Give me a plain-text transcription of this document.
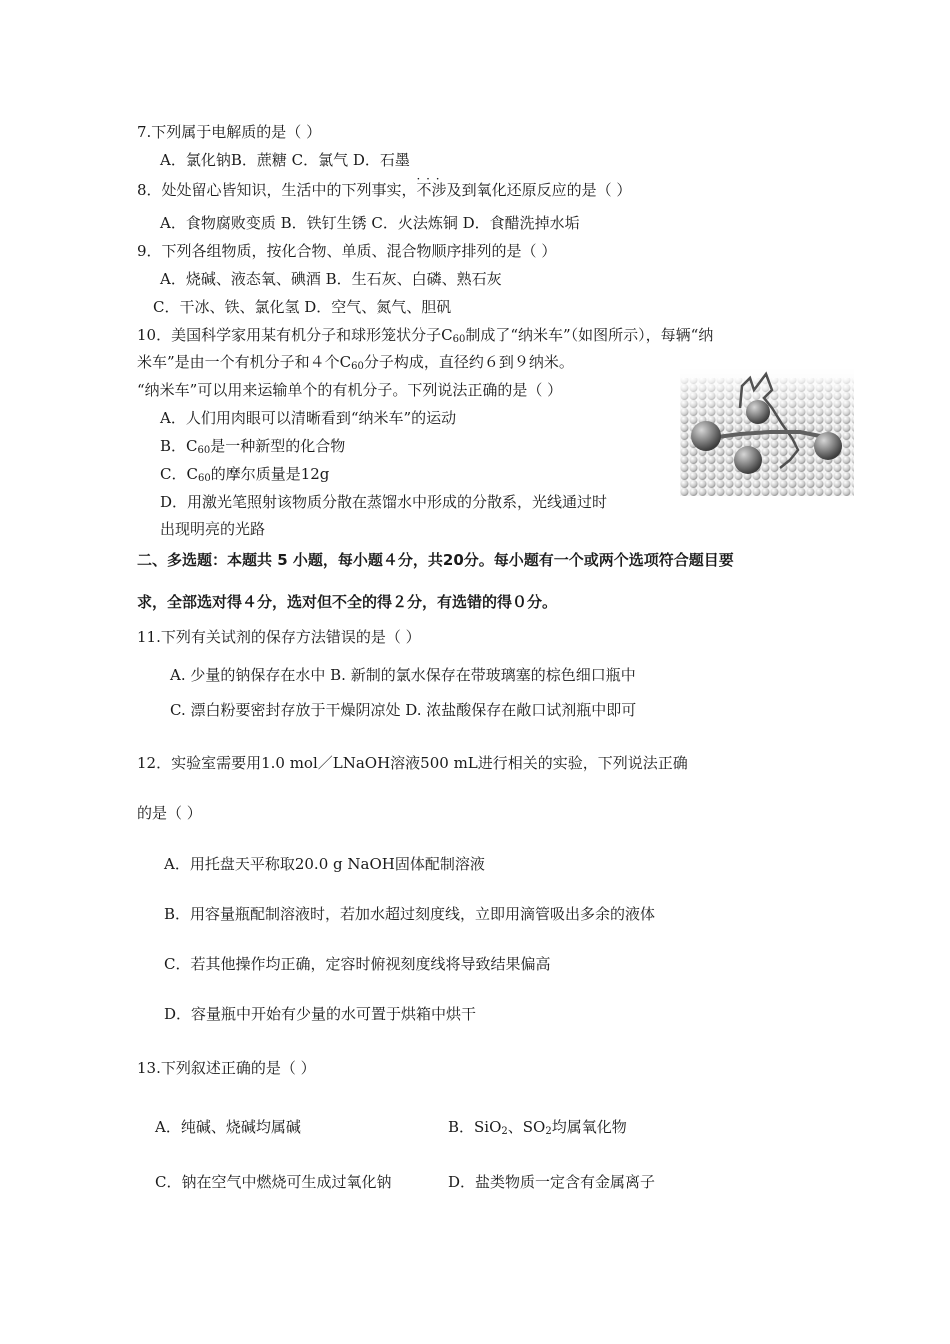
7.下列属于电解质的是（ ）
A．氯化钠B．蔗糖 C．氯气 D．石墨
8．处处留心皆知识，生活中的下列事实，不涉及 · · ·到氧化还原反应的是（ ）
A．食物腐败变质 B．铁钉生锈 C．火法炼铜 D．食醋洗掉水垢
9．下列各组物质，按化合物、单质、混合物顺序排列的是（ ）
A．烧碱、液态氧、碘酒 B．生石灰、白磷、熟石灰
C．干冰、铁、氯化氢 D．空气、氮气、胆矾
10．美国科学家用某有机分子和球形笼状分子$C_{60}$制成了“纳米车”（如图所示），每辆“纳
米车”是由一个有机分子和４个$C_{60}$分子构成，直径约６到９纳米。
“纳米车”可以用来运输单个的有机分子。下列说法正确的是（ ）
A．人们用肉眼可以清晰看到“纳米车”的运动
B．$C_{60}$是一种新型的化合物
C．$C_{60}$的摩尔质量是12g
D．用激光笔照射该物质分散在蒸馏水中形成的分散系，光线通过时
出现明亮的光路
二、多选题：本题共 5 小题，每小题４分，共20分。每小题有一个或两个选项符合题目要
求，全部选对得４分，选对但不全的得２分，有选错的得０分。
11.下列有关试剂的保存方法错误的是（ ）
A. 少量的钠保存在水中 B. 新制的氯水保存在带玻璃塞的棕色细口瓶中
C. 漂白粉要密封存放于干燥阴凉处 D. 浓盐酸保存在敞口试剂瓶中即可
12．实验室需要用1.0 mol／LNaOH溶液500 mL进行相关的实验，下列说法正确
的是（ ）
A．用托盘天平称取20.0 g NaOH固体配制溶液
B．用容量瓶配制溶液时，若加水超过刻度线，立即用滴管吸出多余的液体
C．若其他操作均正确，定容时俯视刻度线将导致结果偏高
D．容量瓶中开始有少量的水可置于烘箱中烘干
13.下列叙述正确的是（ ）
A．纯碱、烧碱均属碱	B．SiO$_2$、$SO_2$均属氧化物
C．钠在空气中燃烧可生成过氧化钠	D．盐类物质一定含有金属离子
